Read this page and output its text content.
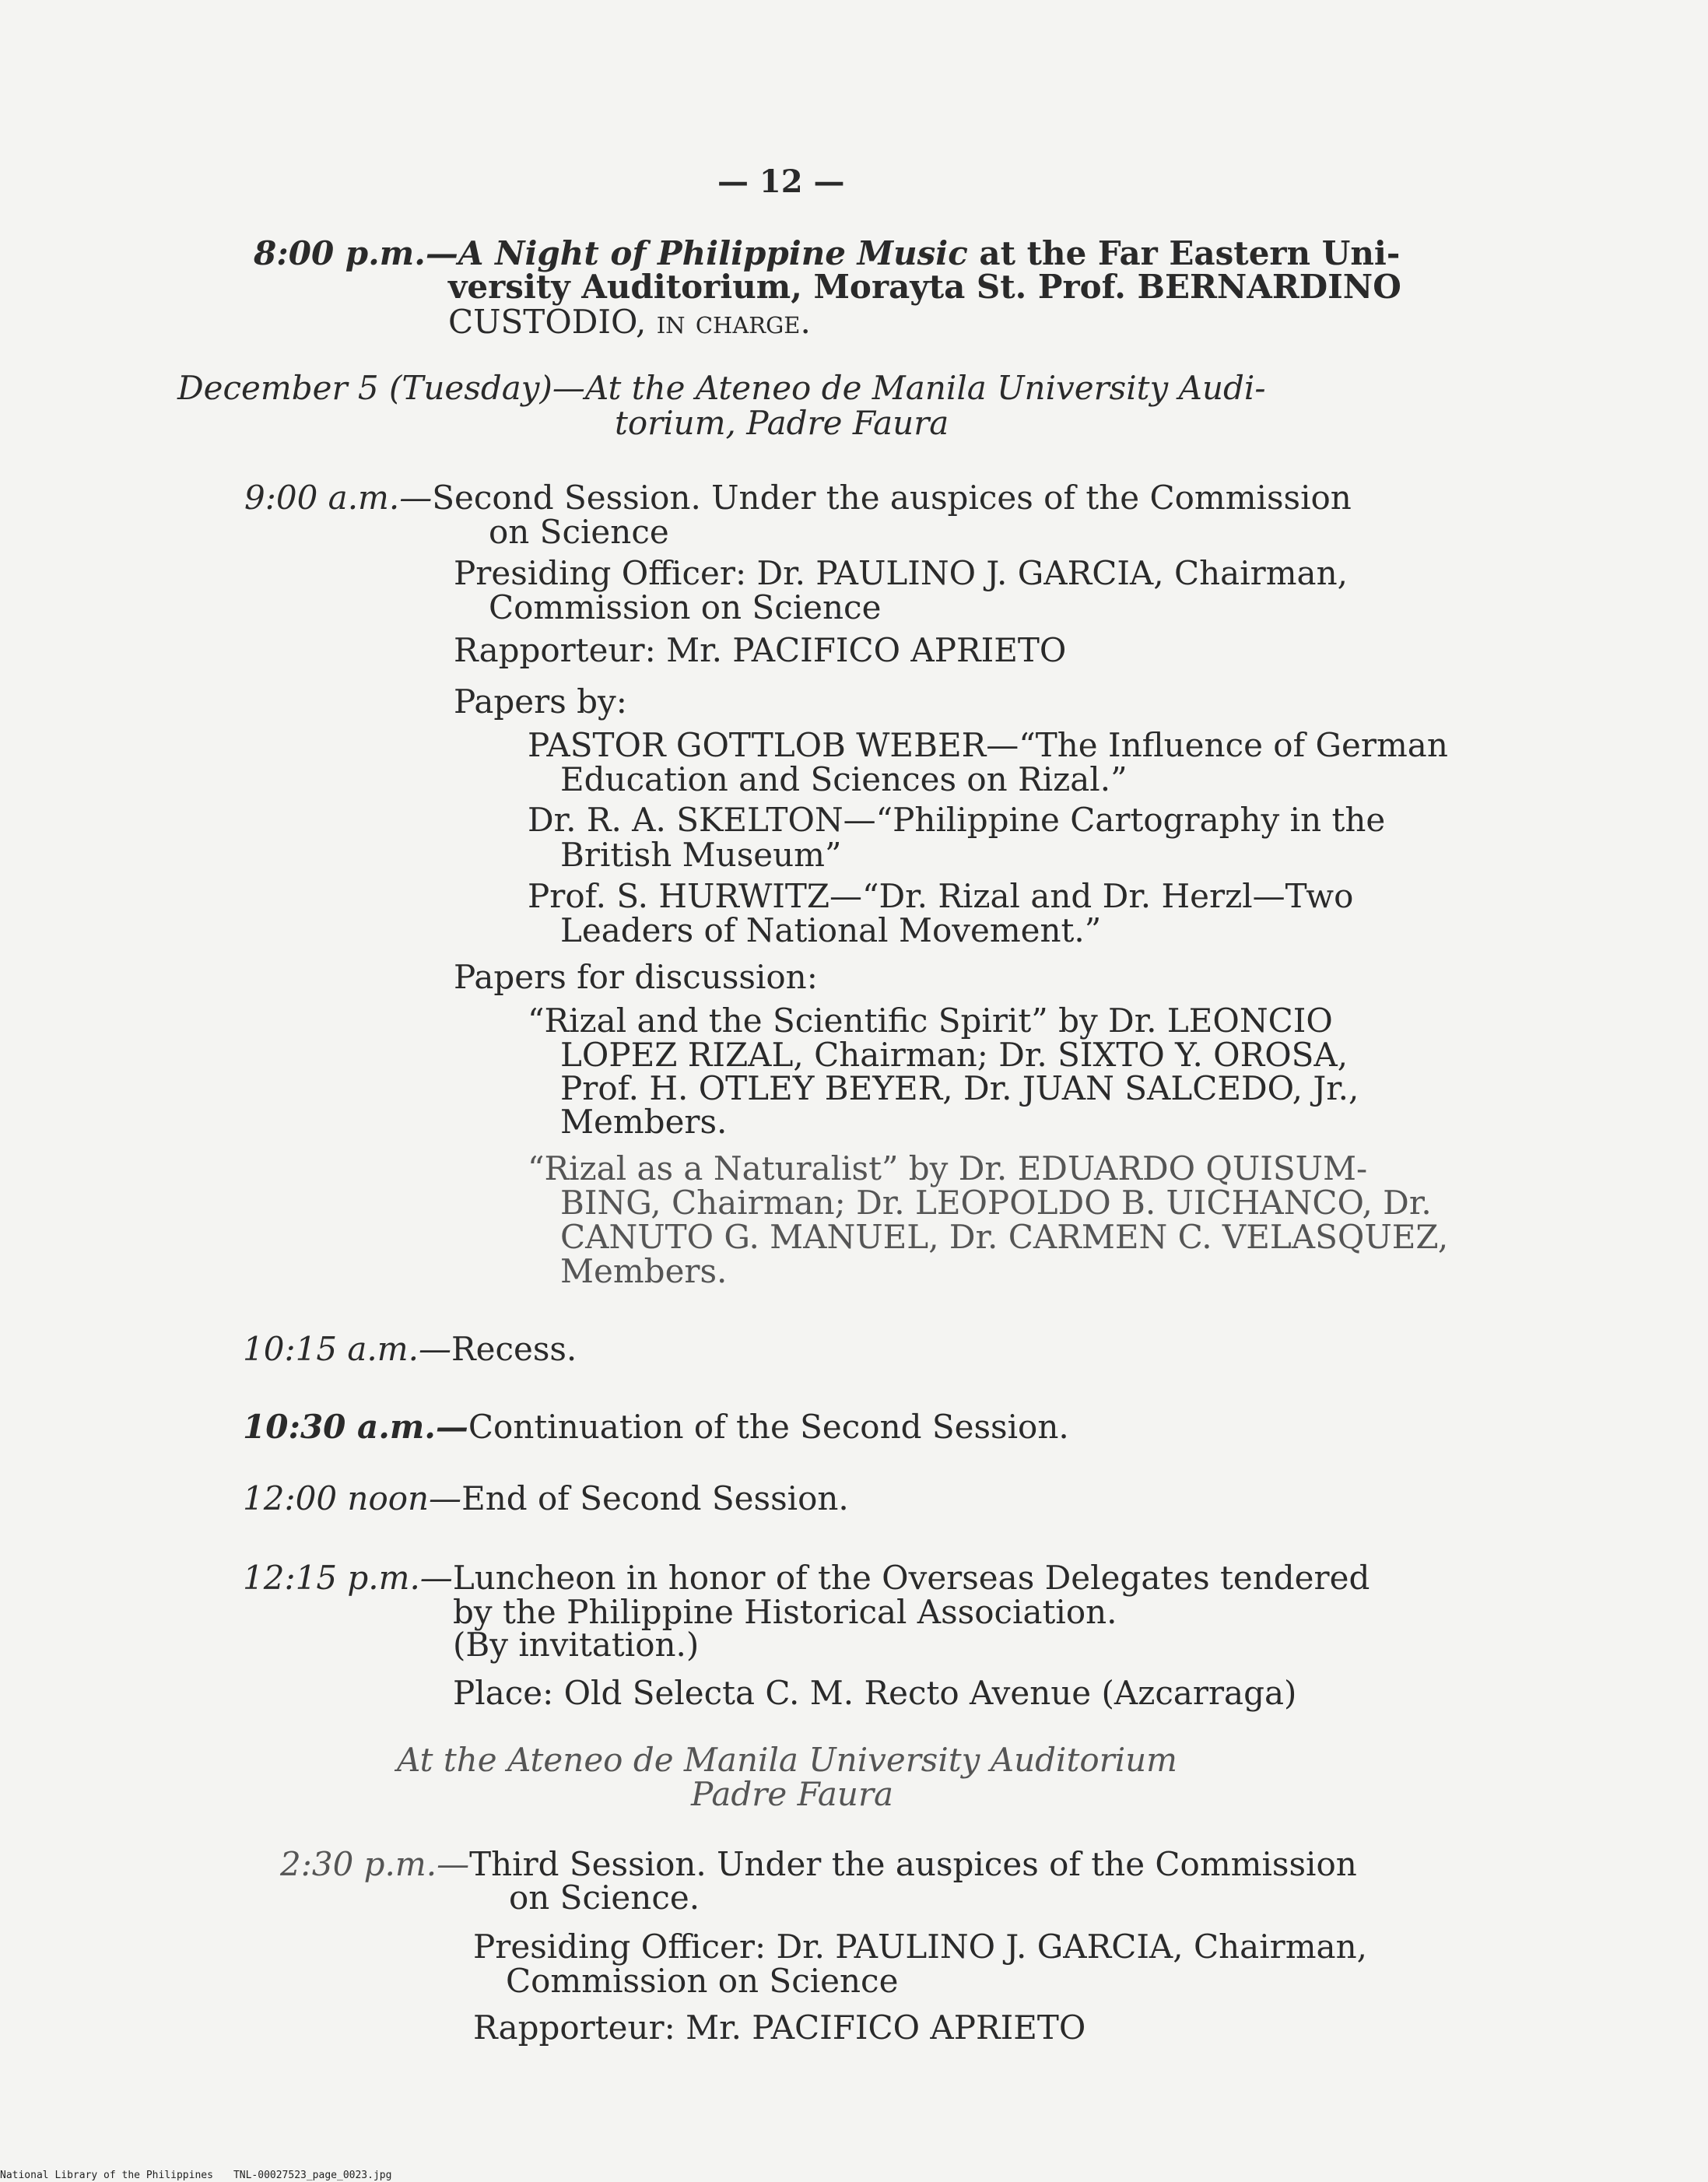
— 12 —
8:00 p.m.—A Night of Philippine Music at the Far Eastern Uni-
versity Auditorium, Morayta St. Prof. BERNARDINO
CUSTODIO, in charge.
December 5 (Tuesday)—At the Ateneo de Manila University Audi-
torium, Padre Faura
9:00 a.m.—Second Session. Under the auspices of the Commission
on Science
Presiding Officer: Dr. PAULINO J. GARCIA, Chairman,
Commission on Science
Rapporteur: Mr. PACIFICO APRIETO
Papers by:
PASTOR GOTTLOB WEBER—“The Influence of German
Education and Sciences on Rizal.”
Dr. R. A. SKELTON—“Philippine Cartography in the
British Museum”
Prof. S. HURWITZ—“Dr. Rizal and Dr. Herzl—Two
Leaders of National Movement.”
Papers for discussion:
“Rizal and the Scientific Spirit” by Dr. LEONCIO
LOPEZ RIZAL, Chairman; Dr. SIXTO Y. OROSA,
Prof. H. OTLEY BEYER, Dr. JUAN SALCEDO, Jr.,
Members.
“Rizal as a Naturalist” by Dr. EDUARDO QUISUM-
BING, Chairman; Dr. LEOPOLDO B. UICHANCO, Dr.
CANUTO G. MANUEL, Dr. CARMEN C. VELASQUEZ,
Members.
10:15 a.m.—Recess.
10:30 a.m.—Continuation of the Second Session.
12:00 noon—End of Second Session.
12:15 p.m.—Luncheon in honor of the Overseas Delegates tendered
by the Philippine Historical Association.
(By invitation.)
Place: Old Selecta C. M. Recto Avenue (Azcarraga)
At the Ateneo de Manila University Auditorium
Padre Faura
2:30 p.m.—Third Session. Under the auspices of the Commission
on Science.
Presiding Officer: Dr. PAULINO J. GARCIA, Chairman,
Commission on Science
Rapporteur: Mr. PACIFICO APRIETO
National Library of the Philippines TNL-00027523_page_0023.jpg
